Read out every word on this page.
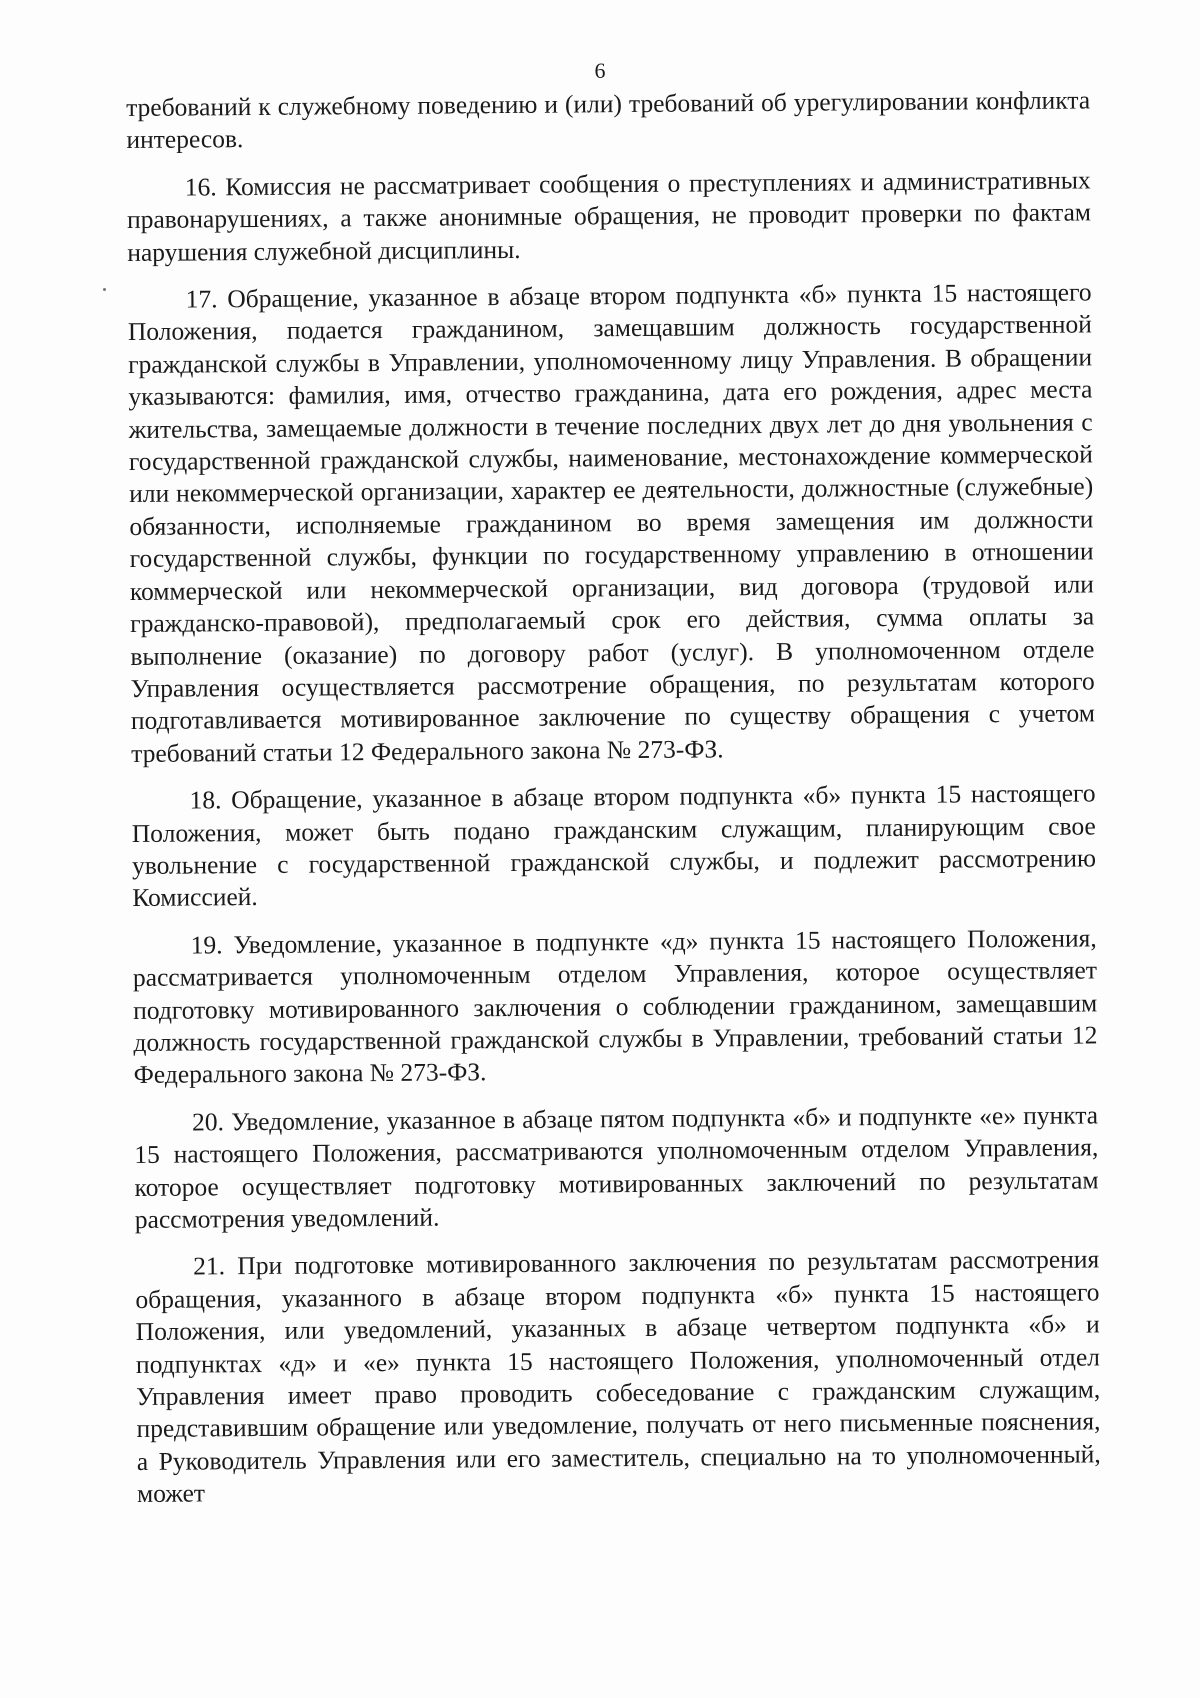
6

требований к служебному поведению и (или) требований об урегулировании конфликта интересов.

16. Комиссия не рассматривает сообщения о преступлениях и административных правонарушениях, а также анонимные обращения, не проводит проверки по фактам нарушения служебной дисциплины.

17. Обращение, указанное в абзаце втором подпункта «б» пункта 15 настоящего Положения, подается гражданином, замещавшим должность государственной гражданской службы в Управлении, уполномоченному лицу Управления. В обращении указываются: фамилия, имя, отчество гражданина, дата его рождения, адрес места жительства, замещаемые должности в течение последних двух лет до дня увольнения с государственной гражданской службы, наименование, местонахождение коммерческой или некоммерческой организации, характер ее деятельности, должностные (служебные) обязанности, исполняемые гражданином во время замещения им должности государственной службы, функции по государственному управлению в отношении коммерческой или некоммерческой организации, вид договора (трудовой или гражданско-правовой), предполагаемый срок его действия, сумма оплаты за выполнение (оказание) по договору работ (услуг). В уполномоченном отделе Управления осуществляется рассмотрение обращения, по результатам которого подготавливается мотивированное заключение по существу обращения с учетом требований статьи 12 Федерального закона № 273-ФЗ.

18. Обращение, указанное в абзаце втором подпункта «б» пункта 15 настоящего Положения, может быть подано гражданским служащим, планирующим свое увольнение с государственной гражданской службы, и подлежит рассмотрению Комиссией.

19. Уведомление, указанное в подпункте «д» пункта 15 настоящего Положения, рассматривается уполномоченным отделом Управления, которое осуществляет подготовку мотивированного заключения о соблюдении гражданином, замещавшим должность государственной гражданской службы в Управлении, требований статьи 12 Федерального закона № 273-ФЗ.

20. Уведомление, указанное в абзаце пятом подпункта «б» и подпункте «е» пункта 15 настоящего Положения, рассматриваются уполномоченным отделом Управления, которое осуществляет подготовку мотивированных заключений по результатам рассмотрения уведомлений.

21. При подготовке мотивированного заключения по результатам рассмотрения обращения, указанного в абзаце втором подпункта «б» пункта 15 настоящего Положения, или уведомлений, указанных в абзаце четвертом подпункта «б» и подпунктах «д» и «е» пункта 15 настоящего Положения, уполномоченный отдел Управления имеет право проводить собеседование с гражданским служащим, представившим обращение или уведомление, получать от него письменные пояснения, а Руководитель Управления или его заместитель, специально на то уполномоченный, может
